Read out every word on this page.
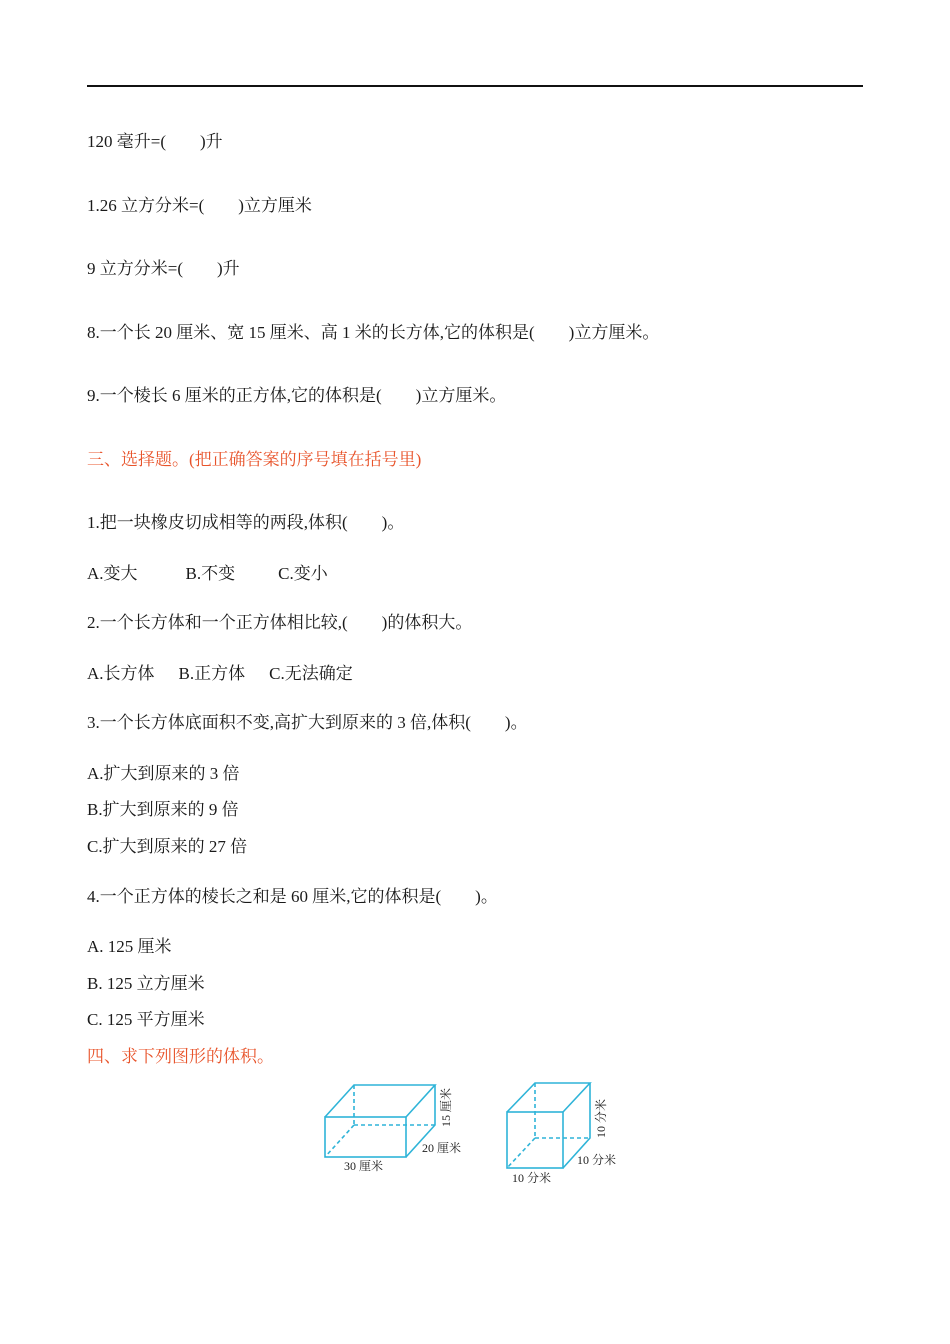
120 毫升=( )升
1.26 立方分米=( )立方厘米
9 立方分米=( )升
8.一个长 20 厘米、宽 15 厘米、高 1 米的长方体,它的体积是( )立方厘米。
9.一个棱长 6 厘米的正方体,它的体积是( )立方厘米。
三、选择题。(把正确答案的序号填在括号里)
1.把一块橡皮切成相等的两段,体积( )。
A.变大	B.不变	C.变小
2.一个长方体和一个正方体相比较,( )的体积大。
A.长方体 B.正方体 C.无法确定
3.一个长方体底面积不变,高扩大到原来的 3 倍,体积( )。
A.扩大到原来的 3 倍
B.扩大到原来的 9 倍
C.扩大到原来的 27 倍
4.一个正方体的棱长之和是 60 厘米,它的体积是( )。
A. 125 厘米
B. 125 立方厘米
C. 125 平方厘米
四、求下列图形的体积。
30 厘米
20 厘米
15 厘米
10 分米
10 分米
10 分米
